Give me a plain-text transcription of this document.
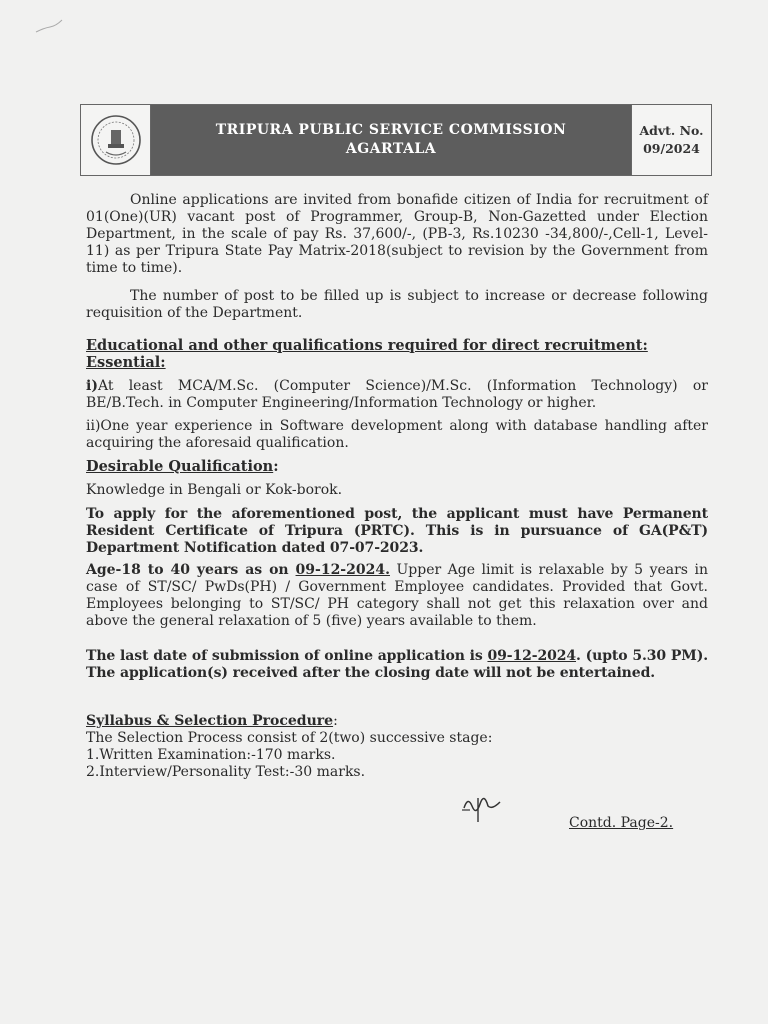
TRIPURA PUBLIC SERVICE COMMISSION
AGARTALA
Advt. No.
09/2024

Online applications are invited from bonafide citizen of India for recruitment of 01(One)(UR) vacant post of Programmer, Group-B, Non-Gazetted under Election Department, in the scale of pay Rs. 37,600/-, (PB-3, Rs.10230 -34,800/-,Cell-1, Level-11) as per Tripura State Pay Matrix-2018(subject to revision by the Government from time to time).

The number of post to be filled up is subject to increase or decrease following requisition of the Department.

Educational and other qualifications required for direct recruitment:
Essential:

i)At least MCA/M.Sc. (Computer Science)/M.Sc. (Information Technology) or BE/B.Tech. in Computer Engineering/Information Technology or higher.

ii)One year experience in Software development along with database handling after acquiring the aforesaid qualification.

Desirable Qualification:

Knowledge in Bengali or Kok-borok.

To apply for the aforementioned post, the applicant must have Permanent Resident Certificate of Tripura (PRTC). This is in pursuance of GA(P&T) Department Notification dated 07-07-2023.

Age-18 to 40 years as on 09-12-2024. Upper Age limit is relaxable by 5 years in case of ST/SC/ PwDs(PH) / Government Employee candidates. Provided that Govt. Employees belonging to ST/SC/ PH category shall not get this relaxation over and above the general relaxation of 5 (five) years available to them.

The last date of submission of online application is 09-12-2024. (upto 5.30 PM). The application(s) received after the closing date will not be entertained.

Syllabus & Selection Procedure:
The Selection Process consist of 2(two) successive stage:
1.Written Examination:-170 marks.
2.Interview/Personality Test:-30 marks.
Contd. Page-2.
